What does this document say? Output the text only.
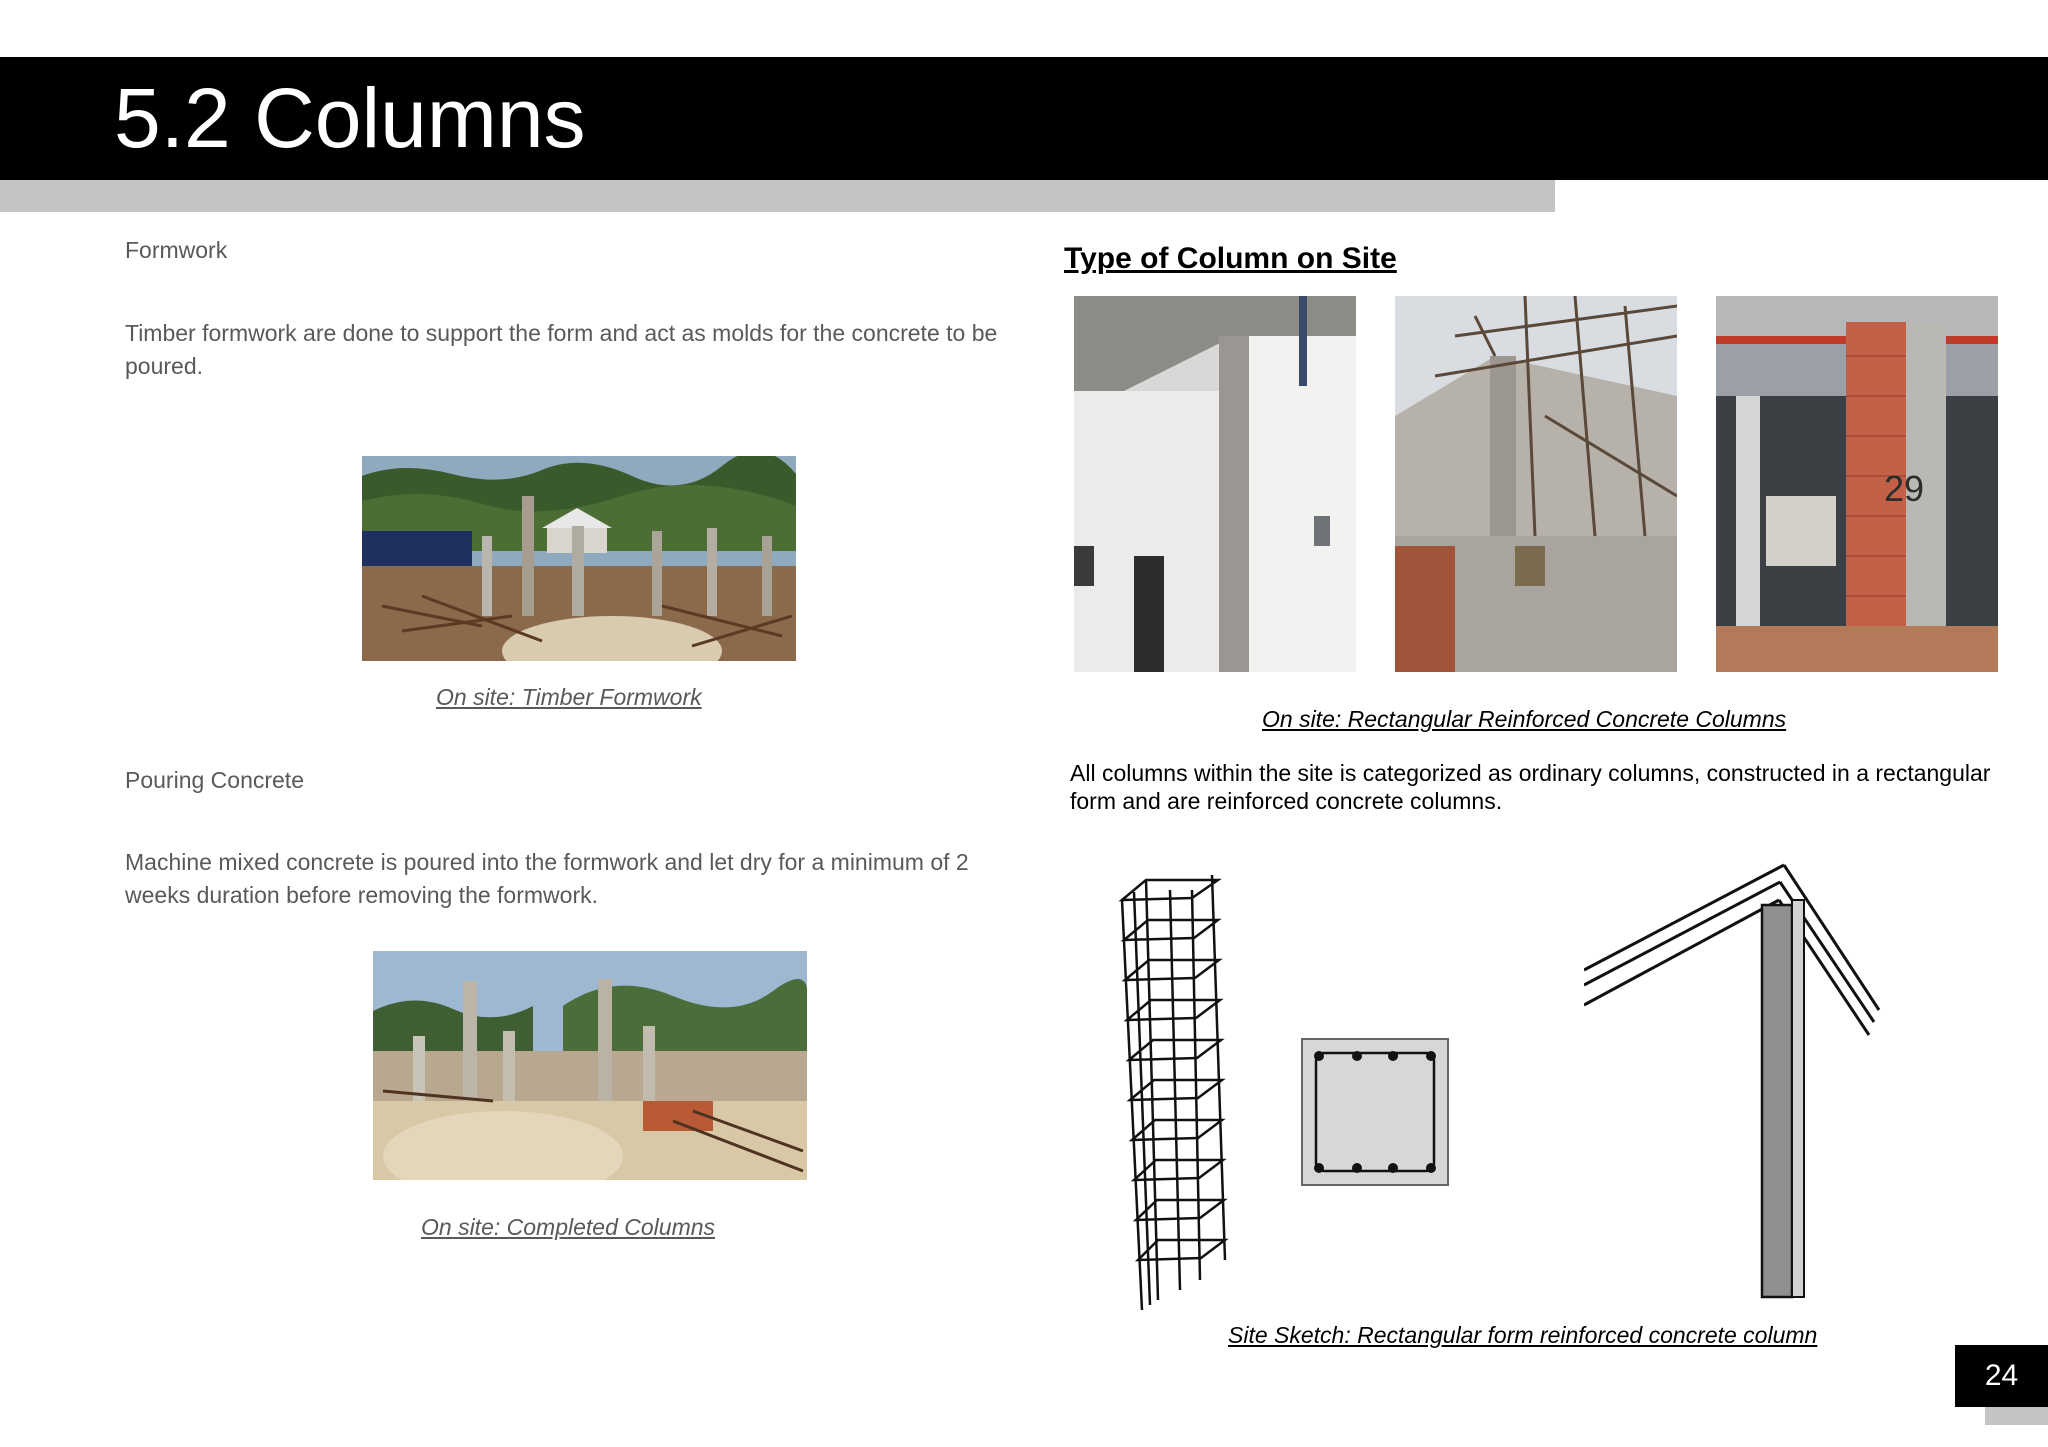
5.2 Columns
Formwork
Timber formwork are done to support the form and act as molds for the concrete to be poured.
On site: Timber Formwork
Pouring Concrete
Machine mixed concrete is poured into the formwork and let dry for a minimum of 2 weeks duration before removing the formwork.
On site: Completed Columns
Type of Column on Site
29
On site: Rectangular Reinforced Concrete Columns
All columns within the site is categorized as ordinary columns, constructed in a rectangular form and are reinforced concrete columns.
Site Sketch: Rectangular form reinforced concrete column
24
